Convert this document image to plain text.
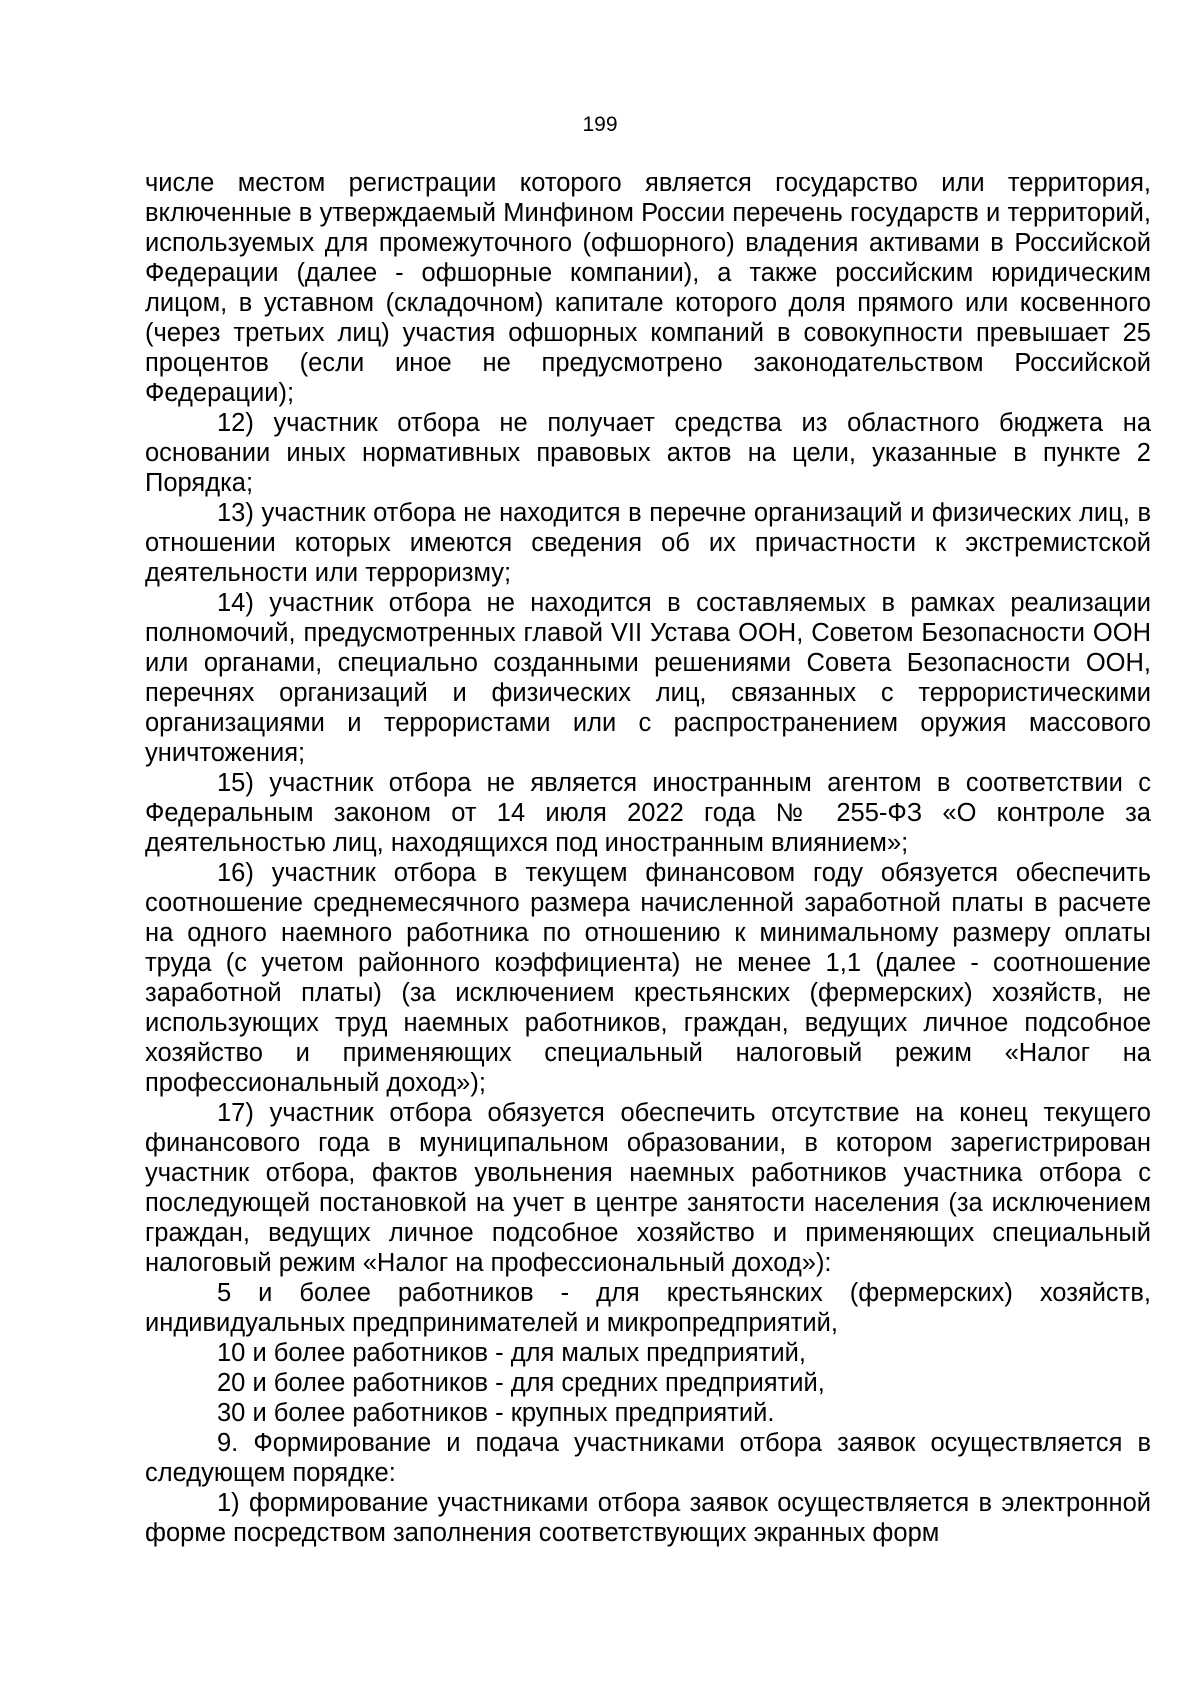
199

числе местом регистрации которого является государство или территория, включенные в утверждаемый Минфином России перечень государств и территорий, используемых для промежуточного (офшорного) владения активами в Российской Федерации (далее - офшорные компании), а также российским юридическим лицом, в уставном (складочном) капитале которого доля прямого или косвенного (через третьих лиц) участия офшорных компаний в совокупности превышает 25 процентов (если иное не предусмотрено законодательством Российской Федерации);

12) участник отбора не получает средства из областного бюджета на основании иных нормативных правовых актов на цели, указанные в пункте 2 Порядка;

13) участник отбора не находится в перечне организаций и физических лиц, в отношении которых имеются сведения об их причастности к экстремистской деятельности или терроризму;

14) участник отбора не находится в составляемых в рамках реализации полномочий, предусмотренных главой VII Устава ООН, Советом Безопасности ООН или органами, специально созданными решениями Совета Безопасности ООН, перечнях организаций и физических лиц, связанных с террористическими организациями и террористами или с распространением оружия массового уничтожения;

15) участник отбора не является иностранным агентом в соответствии с Федеральным законом от 14 июля 2022 года № 255-ФЗ «О контроле за деятельностью лиц, находящихся под иностранным влиянием»;

16) участник отбора в текущем финансовом году обязуется обеспечить соотношение среднемесячного размера начисленной заработной платы в расчете на одного наемного работника по отношению к минимальному размеру оплаты труда (с учетом районного коэффициента) не менее 1,1 (далее - соотношение заработной платы) (за исключением крестьянских (фермерских) хозяйств, не использующих труд наемных работников, граждан, ведущих личное подсобное хозяйство и применяющих специальный налоговый режим «Налог на профессиональный доход»);

17) участник отбора обязуется обеспечить отсутствие на конец текущего финансового года в муниципальном образовании, в котором зарегистрирован участник отбора, фактов увольнения наемных работников участника отбора с последующей постановкой на учет в центре занятости населения (за исключением граждан, ведущих личное подсобное хозяйство и применяющих специальный налоговый режим «Налог на профессиональный доход»):

5 и более работников - для крестьянских (фермерских) хозяйств, индивидуальных предпринимателей и микропредприятий,

10 и более работников - для малых предприятий,

20 и более работников - для средних предприятий,

30 и более работников - крупных предприятий.

9. Формирование и подача участниками отбора заявок осуществляется в следующем порядке:

1) формирование участниками отбора заявок осуществляется в электронной форме посредством заполнения соответствующих экранных форм
